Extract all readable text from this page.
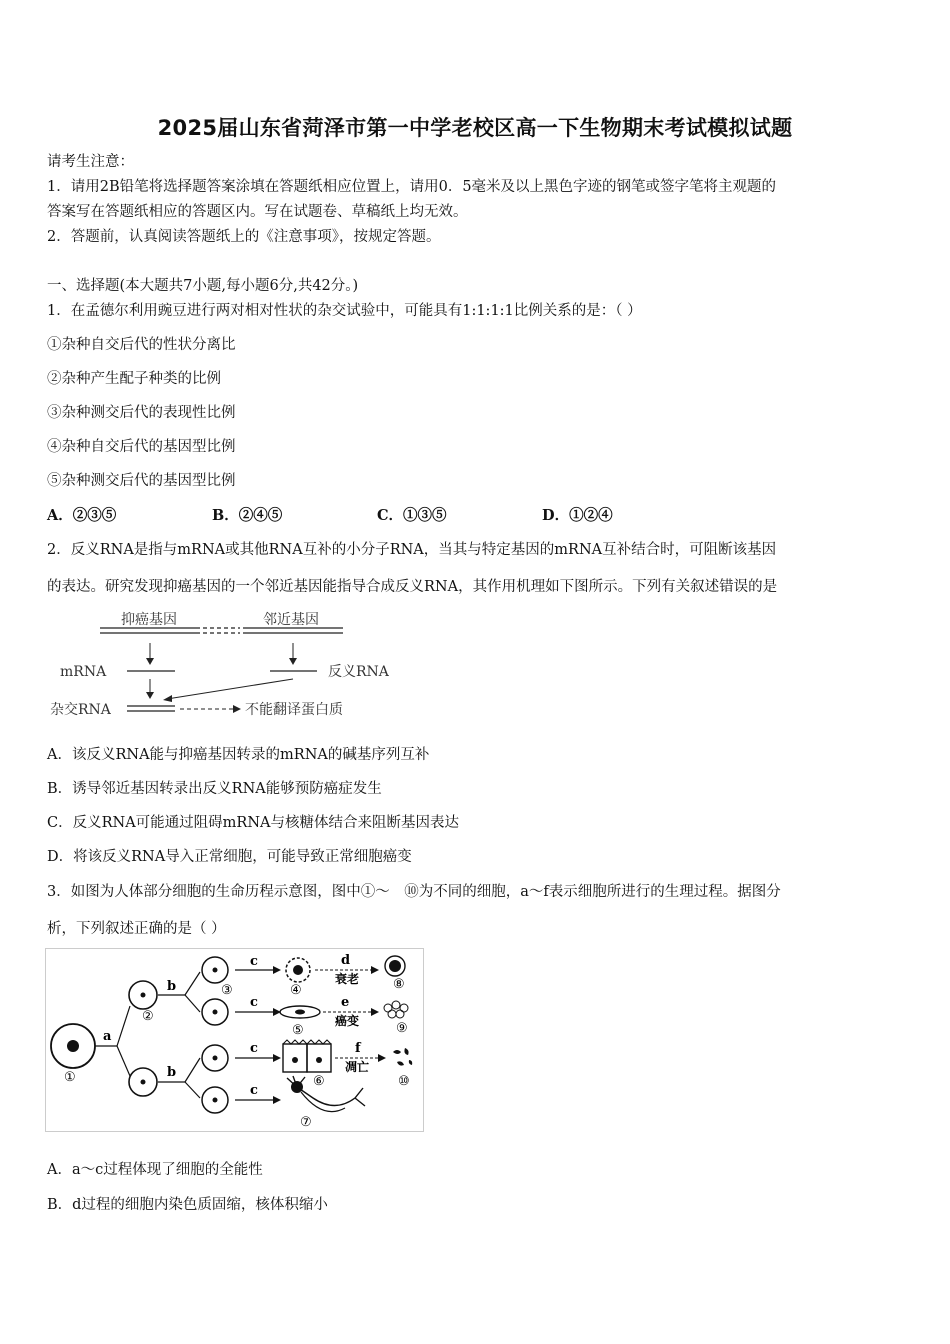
2025届山东省菏泽市第一中学老校区高一下生物期末考试模拟试题
请考生注意：
1．请用2B铅笔将选择题答案涂填在答题纸相应位置上，请用0．5毫米及以上黑色字迹的钢笔或签字笔将主观题的
答案写在答题纸相应的答题区内。写在试题卷、草稿纸上均无效。
2．答题前，认真阅读答题纸上的《注意事项》，按规定答题。
一、选择题(本大题共7小题,每小题6分,共42分。)
1．在孟德尔利用豌豆进行两对相对性状的杂交试验中，可能具有1:1:1:1比例关系的是：（ ）
①杂种自交后代的性状分离比
②杂种产生配子种类的比例
③杂种测交后代的表现性比例
④杂种自交后代的基因型比例
⑤杂种测交后代的基因型比例
A．②③⑤	B．②④⑤	C．①③⑤	D．①②④
2．反义RNA是指与mRNA或其他RNA互补的小分子RNA，当其与特定基因的mRNA互补结合时，可阻断该基因
的表达。研究发现抑癌基因的一个邻近基因能指导合成反义RNA，其作用机理如下图所示。下列有关叙述错误的是
抑癌基因	邻近基因
mRNA	反义RNA
杂交RNA	不能翻译蛋白质
A．该反义RNA能与抑癌基因转录的mRNA的碱基序列互补
B．诱导邻近基因转录出反义RNA能够预防癌症发生
C．反义RNA可能通过阻碍mRNA与核糖体结合来阻断基因表达
D．将该反义RNA导入正常细胞，可能导致正常细胞癌变
3．如图为人体部分细胞的生命历程示意图，图中①～　⑩为不同的细胞，a～f表示细胞所进行的生理过程。据图分
析，下列叙述正确的是（ ）
①
a
②
b
b
③
c
c
c
c
④
⑤
⑥
⑦
d
衰老	⑧
e
癌变	⑨
f
凋亡
⑩
A．a～c过程体现了细胞的全能性
B．d过程的细胞内染色质固缩，核体积缩小
